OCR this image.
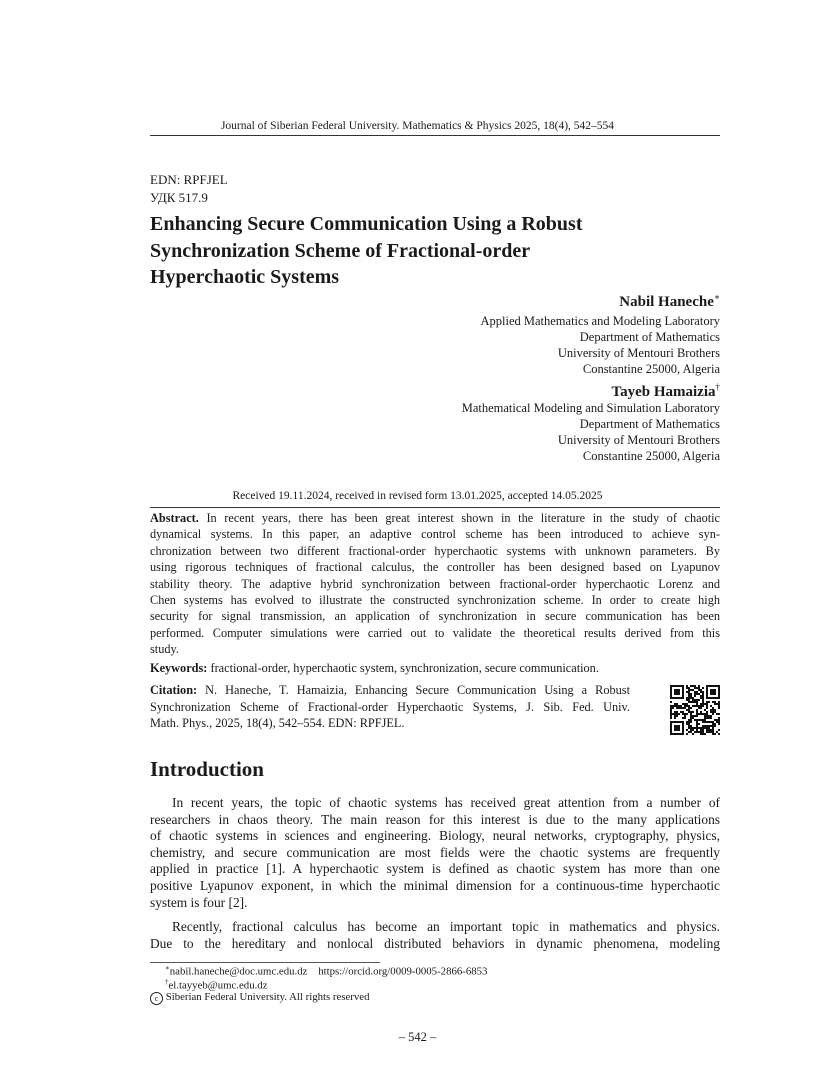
Journal of Siberian Federal University. Mathematics & Physics 2025, 18(4), 542–554
EDN: RPFJEL
УДК 517.9
Enhancing Secure Communication Using a Robust
Synchronization Scheme of Fractional-order
Hyperchaotic Systems
Nabil Haneche∗
Applied Mathematics and Modeling Laboratory
Department of Mathematics
University of Mentouri Brothers
Constantine 25000, Algeria
Tayeb Hamaizia†
Mathematical Modeling and Simulation Laboratory
Department of Mathematics
University of Mentouri Brothers
Constantine 25000, Algeria
Received 19.11.2024, received in revised form 13.01.2025, accepted 14.05.2025
Abstract. In recent years, there has been great interest shown in the literature in the study of chaotic
dynamical systems. In this paper, an adaptive control scheme has been introduced to achieve syn-
chronization between two different fractional-order hyperchaotic systems with unknown parameters. By
using rigorous techniques of fractional calculus, the controller has been designed based on Lyapunov
stability theory. The adaptive hybrid synchronization between fractional-order hyperchaotic Lorenz and
Chen systems has evolved to illustrate the constructed synchronization scheme. In order to create high
security for signal transmission, an application of synchronization in secure communication has been
performed. Computer simulations were carried out to validate the theoretical results derived from this
study.
Keywords: fractional-order, hyperchaotic system, synchronization, secure communication.
Citation: N. Haneche, T. Hamaizia, Enhancing Secure Communication Using a Robust
Synchronization Scheme of Fractional-order Hyperchaotic Systems, J. Sib. Fed. Univ.
Math. Phys., 2025, 18(4), 542–554. EDN: RPFJEL.
Introduction
In recent years, the topic of chaotic systems has received great attention from a number of
researchers in chaos theory. The main reason for this interest is due to the many applications
of chaotic systems in sciences and engineering. Biology, neural networks, cryptography, physics,
chemistry, and secure communication are most fields were the chaotic systems are frequently
applied in practice [1]. A hyperchaotic system is defined as chaotic system has more than one
positive Lyapunov exponent, in which the minimal dimension for a continuous-time hyperchaotic
system is four [2].
Recently, fractional calculus has become an important topic in mathematics and physics.
Due to the hereditary and nonlocal distributed behaviors in dynamic phenomena, modeling
∗nabil.haneche@doc.umc.edu.dz https://orcid.org/0009-0005-2866-6853
†el.tayyeb@umc.edu.dz
c Siberian Federal University. All rights reserved
– 542 –
